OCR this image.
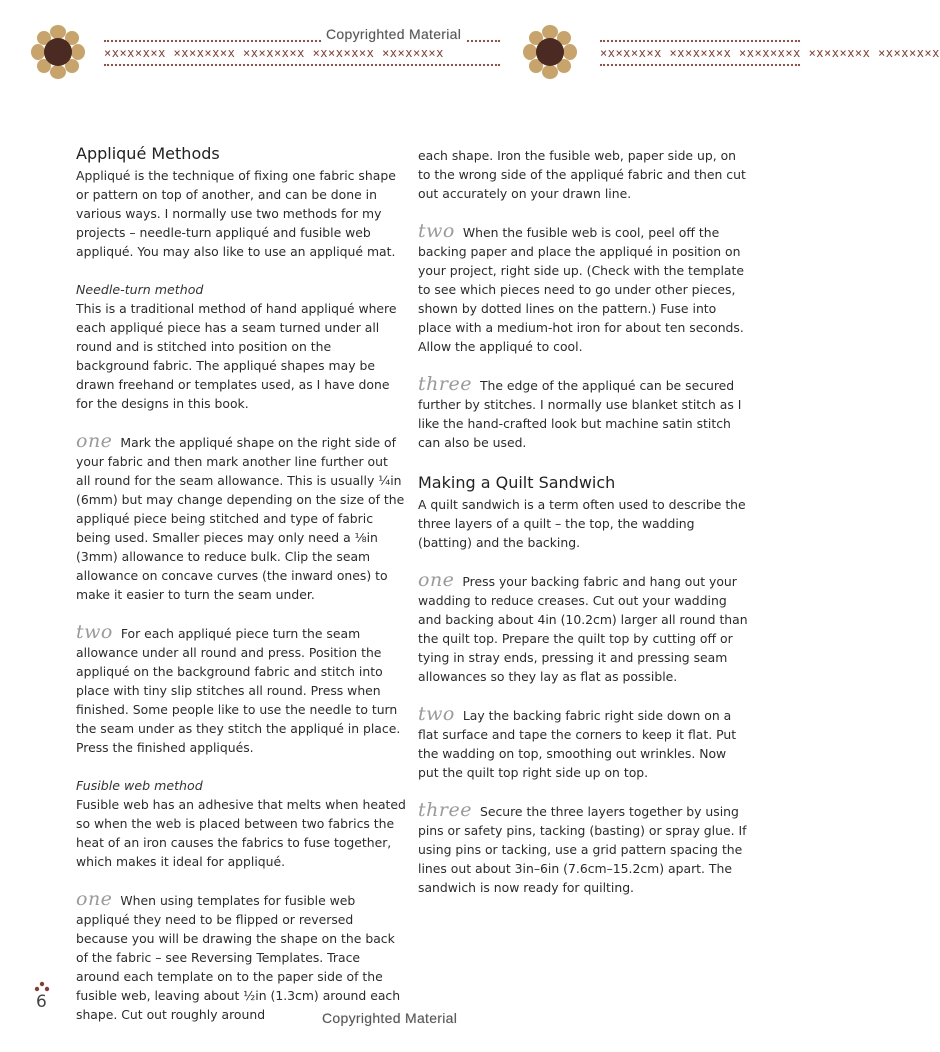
×x×x×x×x ×x×x×x×x ×x×x×x×x ×x×x×x×x ×x×x×x×x	×x×x×x×x ×x×x×x×x ×x×x×x×x ×x×x×x×x ×x×x×x×x
Copyrighted Material
Appliqué Methods

Appliqué is the technique of fixing one fabric shape or pattern on top of another, and can be done in various ways. I normally use two methods for my projects – needle-turn appliqué and fusible web appliqué. You may also like to use an appliqué mat.

Needle-turn method

This is a traditional method of hand appliqué where each appliqué piece has a seam turned under all round and is stitched into position on the background fabric. The appliqué shapes may be drawn freehand or templates used, as I have done for the designs in this book.

one Mark the appliqué shape on the right side of your fabric and then mark another line further out all round for the seam allowance. This is usually ¼in (6mm) but may change depending on the size of the appliqué piece being stitched and type of fabric being used. Smaller pieces may only need a ⅛in (3mm) allowance to reduce bulk. Clip the seam allowance on concave curves (the inward ones) to make it easier to turn the seam under.

two For each appliqué piece turn the seam allowance under all round and press. Position the appliqué on the background fabric and stitch into place with tiny slip stitches all round. Press when finished. Some people like to use the needle to turn the seam under as they stitch the appliqué in place. Press the finished appliqués.

Fusible web method

Fusible web has an adhesive that melts when heated so when the web is placed between two fabrics the heat of an iron causes the fabrics to fuse together, which makes it ideal for appliqué.

one When using templates for fusible web appliqué they need to be flipped or reversed because you will be drawing the shape on the back of the fabric – see Reversing Templates. Trace around each template on to the paper side of the fusible web, leaving about ½in (1.3cm) around each shape. Cut out roughly around

each shape. Iron the fusible web, paper side up, on to the wrong side of the appliqué fabric and then cut out accurately on your drawn line.

two When the fusible web is cool, peel off the backing paper and place the appliqué in position on your project, right side up. (Check with the template to see which pieces need to go under other pieces, shown by dotted lines on the pattern.) Fuse into place with a medium-hot iron for about ten seconds. Allow the appliqué to cool.

three The edge of the appliqué can be secured further by stitches. I normally use blanket stitch as I like the hand-crafted look but machine satin stitch can also be used.

Making a Quilt Sandwich

A quilt sandwich is a term often used to describe the three layers of a quilt – the top, the wadding (batting) and the backing.

one Press your backing fabric and hang out your wadding to reduce creases. Cut out your wadding and backing about 4in (10.2cm) larger all round than the quilt top. Prepare the quilt top by cutting off or tying in stray ends, pressing it and pressing seam allowances so they lay as flat as possible.

two Lay the backing fabric right side down on a flat surface and tape the corners to keep it flat. Put the wadding on top, smoothing out wrinkles. Now put the quilt top right side up on top.

three Secure the three layers together by using pins or safety pins, tacking (basting) or spray glue. If using pins or tacking, use a grid pattern spacing the lines out about 3in–6in (7.6cm–15.2cm) apart. The sandwich is now ready for quilting.

6
Copyrighted Material
